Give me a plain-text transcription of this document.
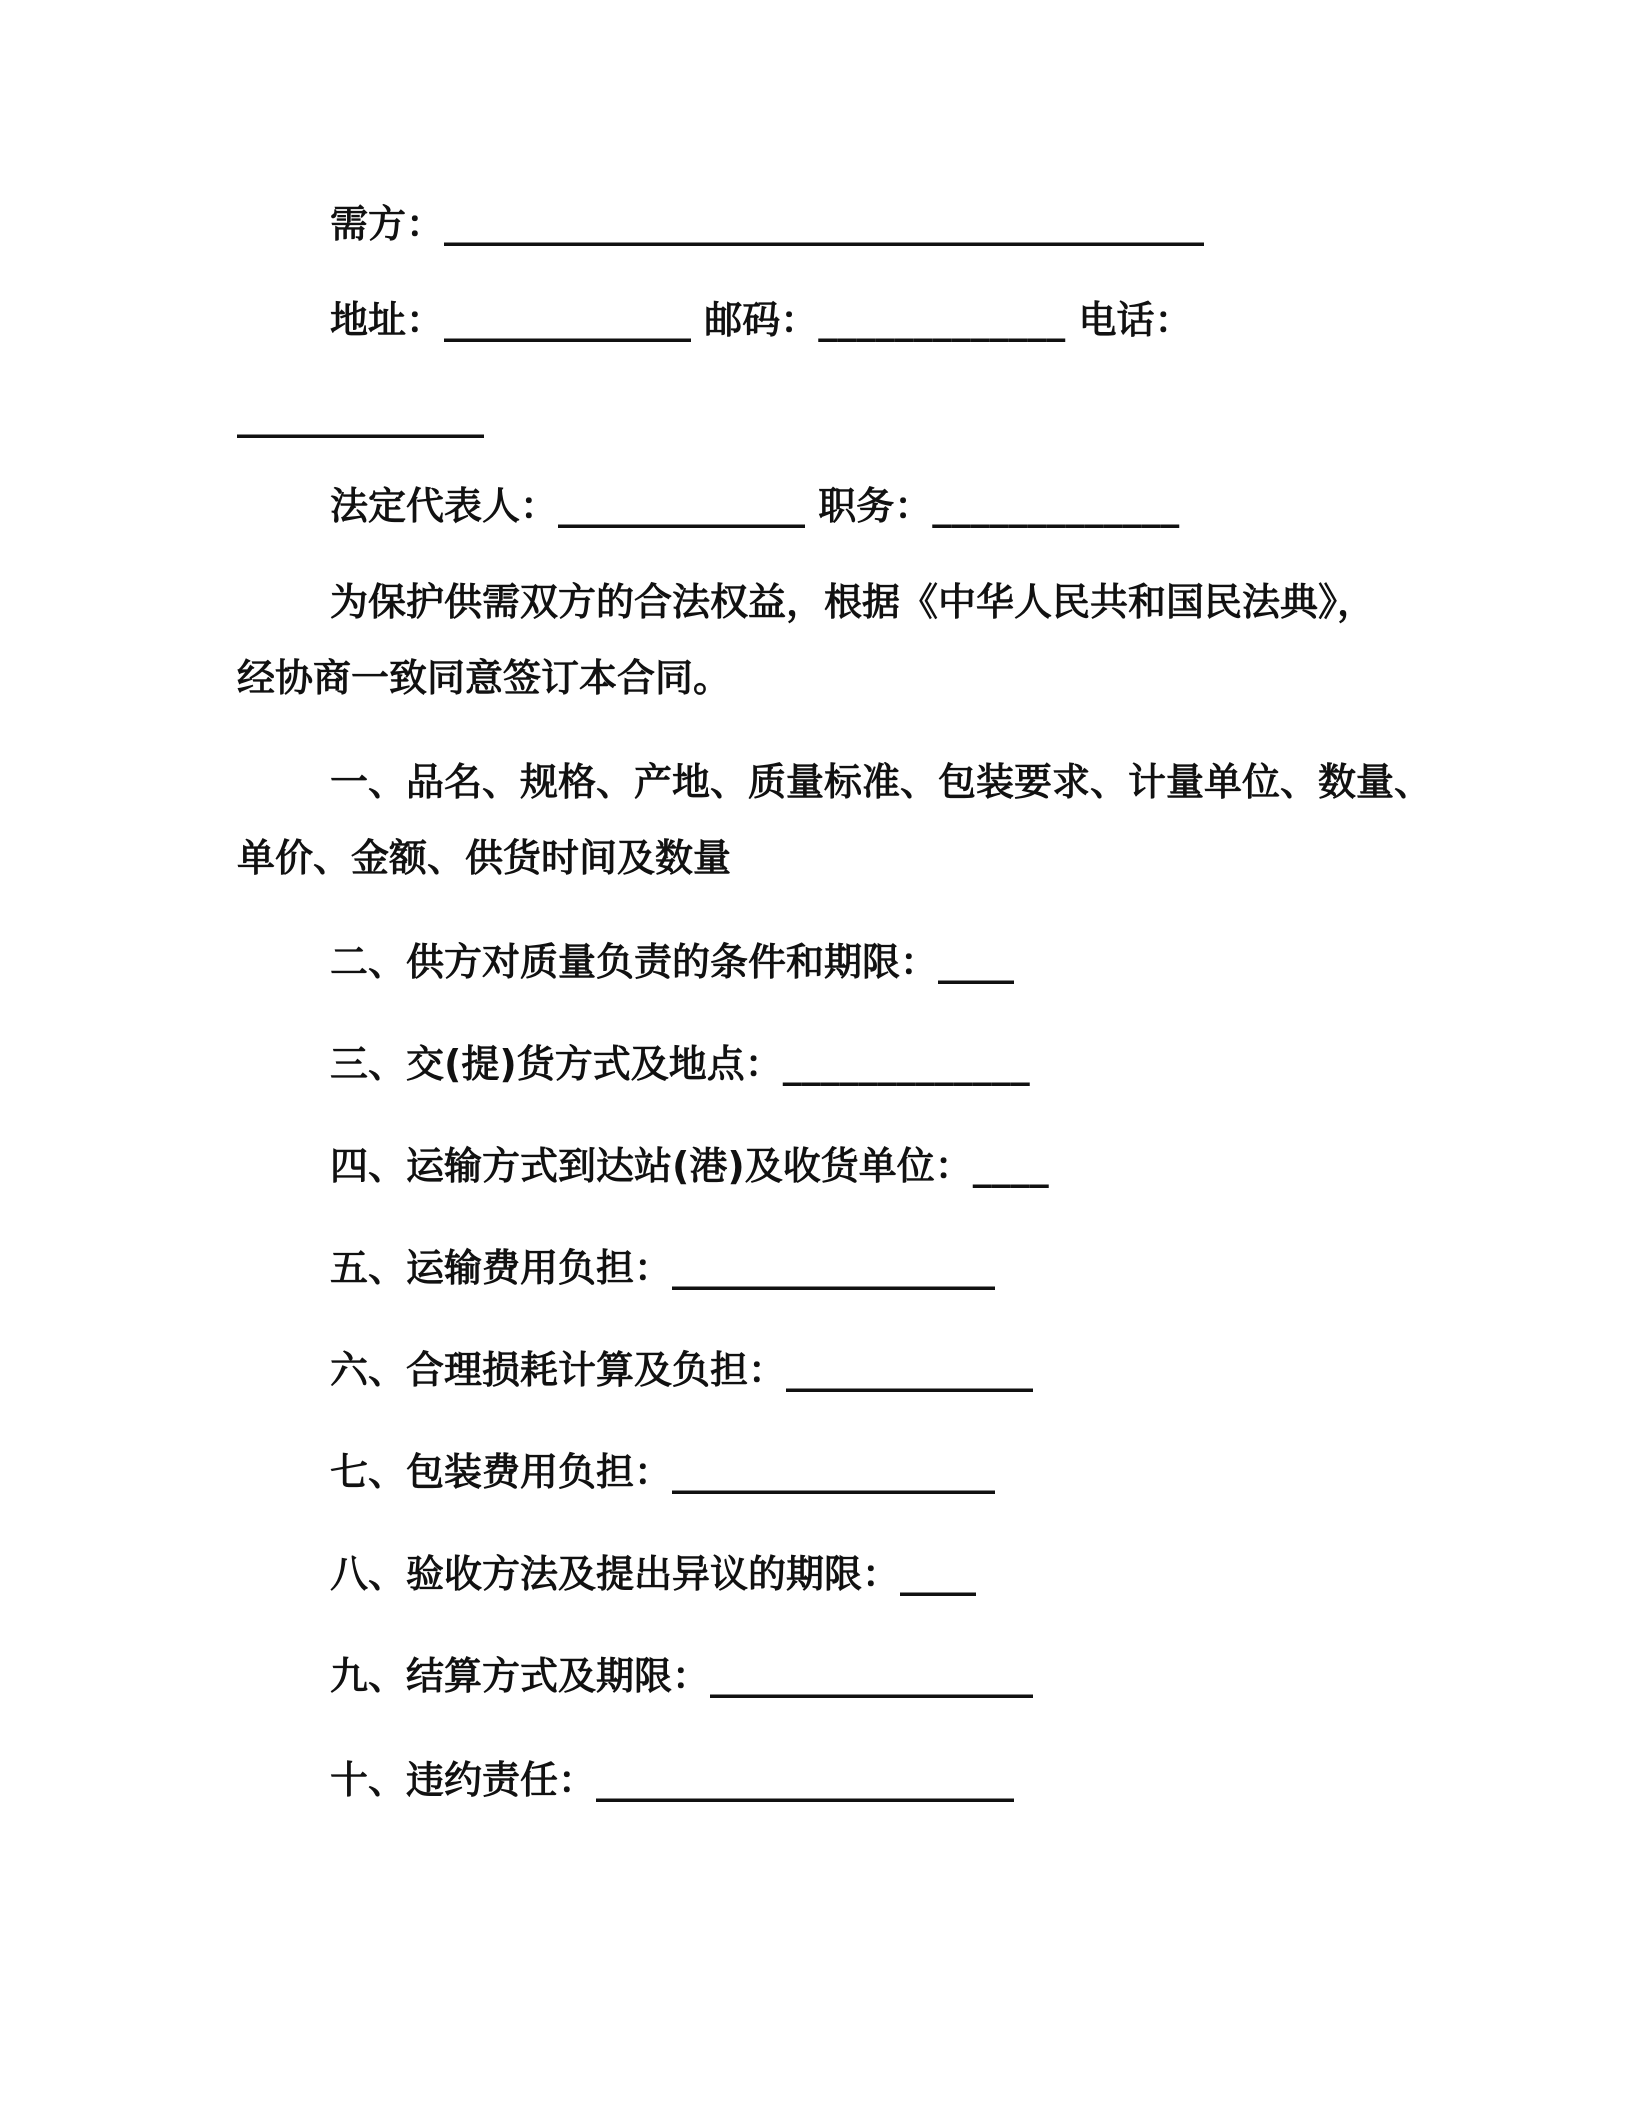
需方：________________________________________
地址：_____________ 邮码：_____________ 电话：
_____________
法定代表人：_____________ 职务：_____________
为保护供需双方的合法权益，根据《中华人民共和国民法典》，
经协商一致同意签订本合同。
一、品名、规格、产地、质量标准、包装要求、计量单位、数量、
单价、金额、供货时间及数量
二、供方对质量负责的条件和期限：____
三、交(提)货方式及地点：_____________
四、运输方式到达站(港)及收货单位：____
五、运输费用负担：_________________
六、合理损耗计算及负担：_____________
七、包装费用负担：_________________
八、验收方法及提出异议的期限：____
九、结算方式及期限：_________________
十、违约责任：______________________
